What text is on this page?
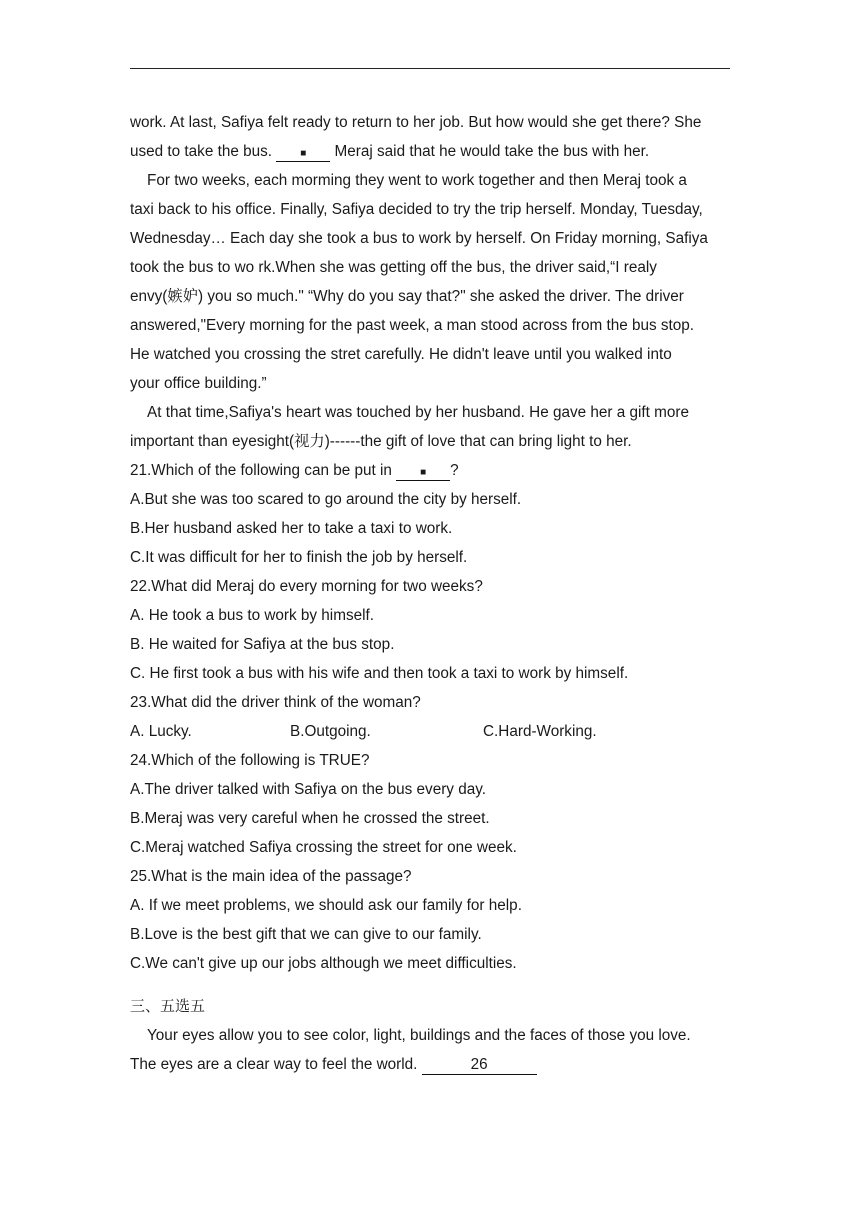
work. At last, Safiya felt ready to return to her job. But how would she get there? She
used to take the bus. ■ Meraj said that he would take the bus with her.
For two weeks, each morming they went to work together and then Meraj took a
taxi back to his office. Finally, Safiya decided to try the trip herself. Monday, Tuesday,
Wednesday… Each day she took a bus to work by herself. On Friday morning, Safiya
took the bus to wo rk.When she was getting off the bus, the driver said,“I realy
envy(嫉妒) you so much." “Why do you say that?" she asked the driver. The driver
answered,"Every morning for the past week, a man stood across from the bus stop.
He watched you crossing the stret carefully. He didn't leave until you walked into
your office building.”
At that time,Safiya's heart was touched by her husband. He gave her a gift more
important than eyesight(视力)------the gift of love that can bring light to her.
21.Which of the following can be put in ■ ?
A.But she was too scared to go around the city by herself.
B.Her husband asked her to take a taxi to work.
C.It was difficult for her to finish the job by herself.
22.What did Meraj do every morning for two weeks?
A. He took a bus to work by himself.
B. He waited for Safiya at the bus stop.
C. He first took a bus with his wife and then took a taxi to work by himself.
23.What did the driver think of the woman?
A. Lucky.	B.Outgoing.	C.Hard-Working.
24.Which of the following is TRUE?
A.The driver talked with Safiya on the bus every day.
B.Meraj was very careful when he crossed the street.
C.Meraj watched Safiya crossing the street for one week.
25.What is the main idea of the passage?
A. If we meet problems, we should ask our family for help.
B.Love is the best gift that we can give to our family.
C.We can't give up our jobs although we meet difficulties.
三、五选五
Your eyes allow you to see color, light, buildings and the faces of those you love.
The eyes are a clear way to feel the world.	26
